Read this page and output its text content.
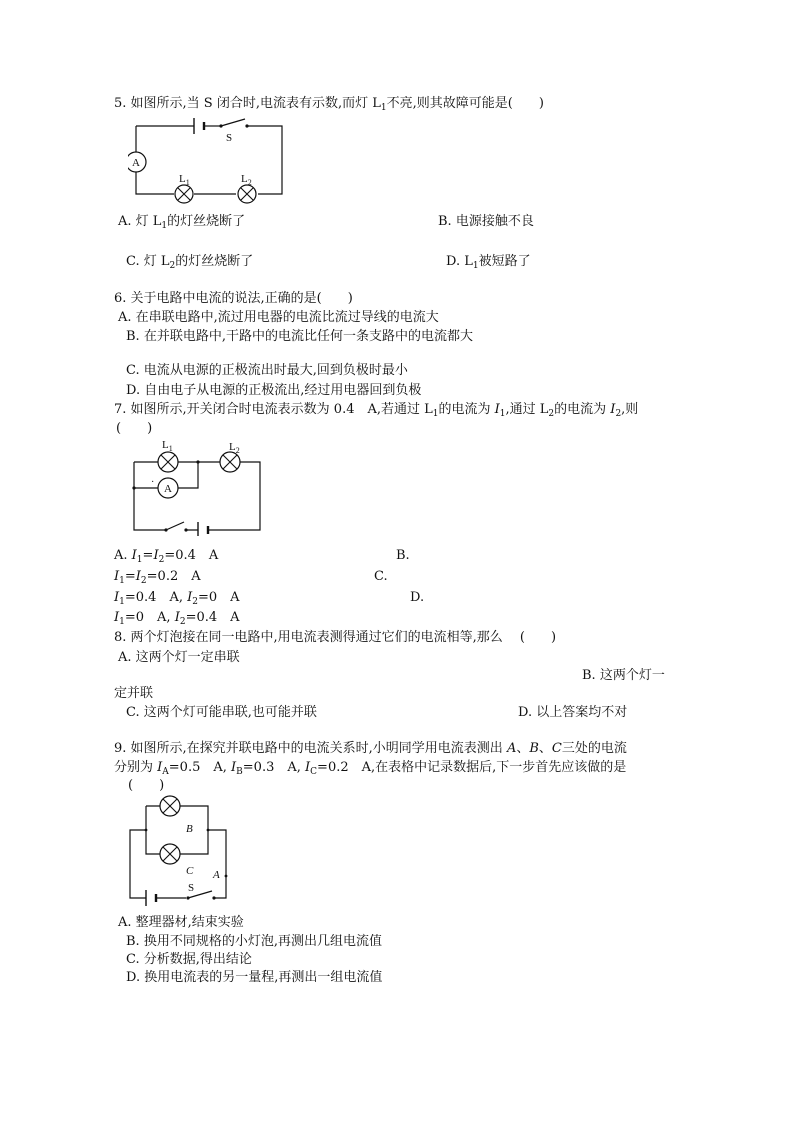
5. 如图所示,当 S 闭合时,电流表有示数,而灯 $L_1$不亮,则其故障可能是(　　)
S
A
$L_1$	$L_2$
A. 灯 $L_1$的灯丝烧断了	B. 电源接触不良
C. 灯 $L_2$的灯丝烧断了	D. $L_1$被短路了
6. 关于电路中电流的说法,正确的是(　　)
A. 在串联电路中,流过用电器的电流比流过导线的电流大
B. 在并联电路中,干路中的电流比任何一条支路中的电流都大
C. 电流从电源的正极流出时最大,回到负极时最小
D. 自由电子从电源的正极流出,经过用电器回到负极
7. 如图所示,开关闭合时电流表示数为 0.4　A,若通过 $L_1$的电流为 $I_1$,通过 $L_2$的电流为 $I_2$,则
(　　)
·
$L_1$	$L_2$
A
A. $I_1=I_2=0.4$　A	B.
$I_1=I_2=0.2$　A	C.
$I_1=0.4$　A, $I_2=0$　A	D.
$I_1=0$　A, $I_2=0.4$　A
8. 两个灯泡接在同一电路中,用电流表测得通过它们的电流相等,那么 　(　　)
A. 这两个灯一定串联
B. 这两个灯一
定并联
C. 这两个灯可能串联,也可能并联	D. 以上答案均不对
9. 如图所示,在探究并联电路中的电流关系时,小明同学用电流表测出 A、B、C三处的电流
分别为 $I_A=0.5$　A, $I_B=0.3$　A, $I_C=0.2$　A,在表格中记录数据后,下一步首先应该做的是
(　　)
B
C A
S
A. 整理器材,结束实验
B. 换用不同规格的小灯泡,再测出几组电流值
C. 分析数据,得出结论
D. 换用电流表的另一量程,再测出一组电流值
